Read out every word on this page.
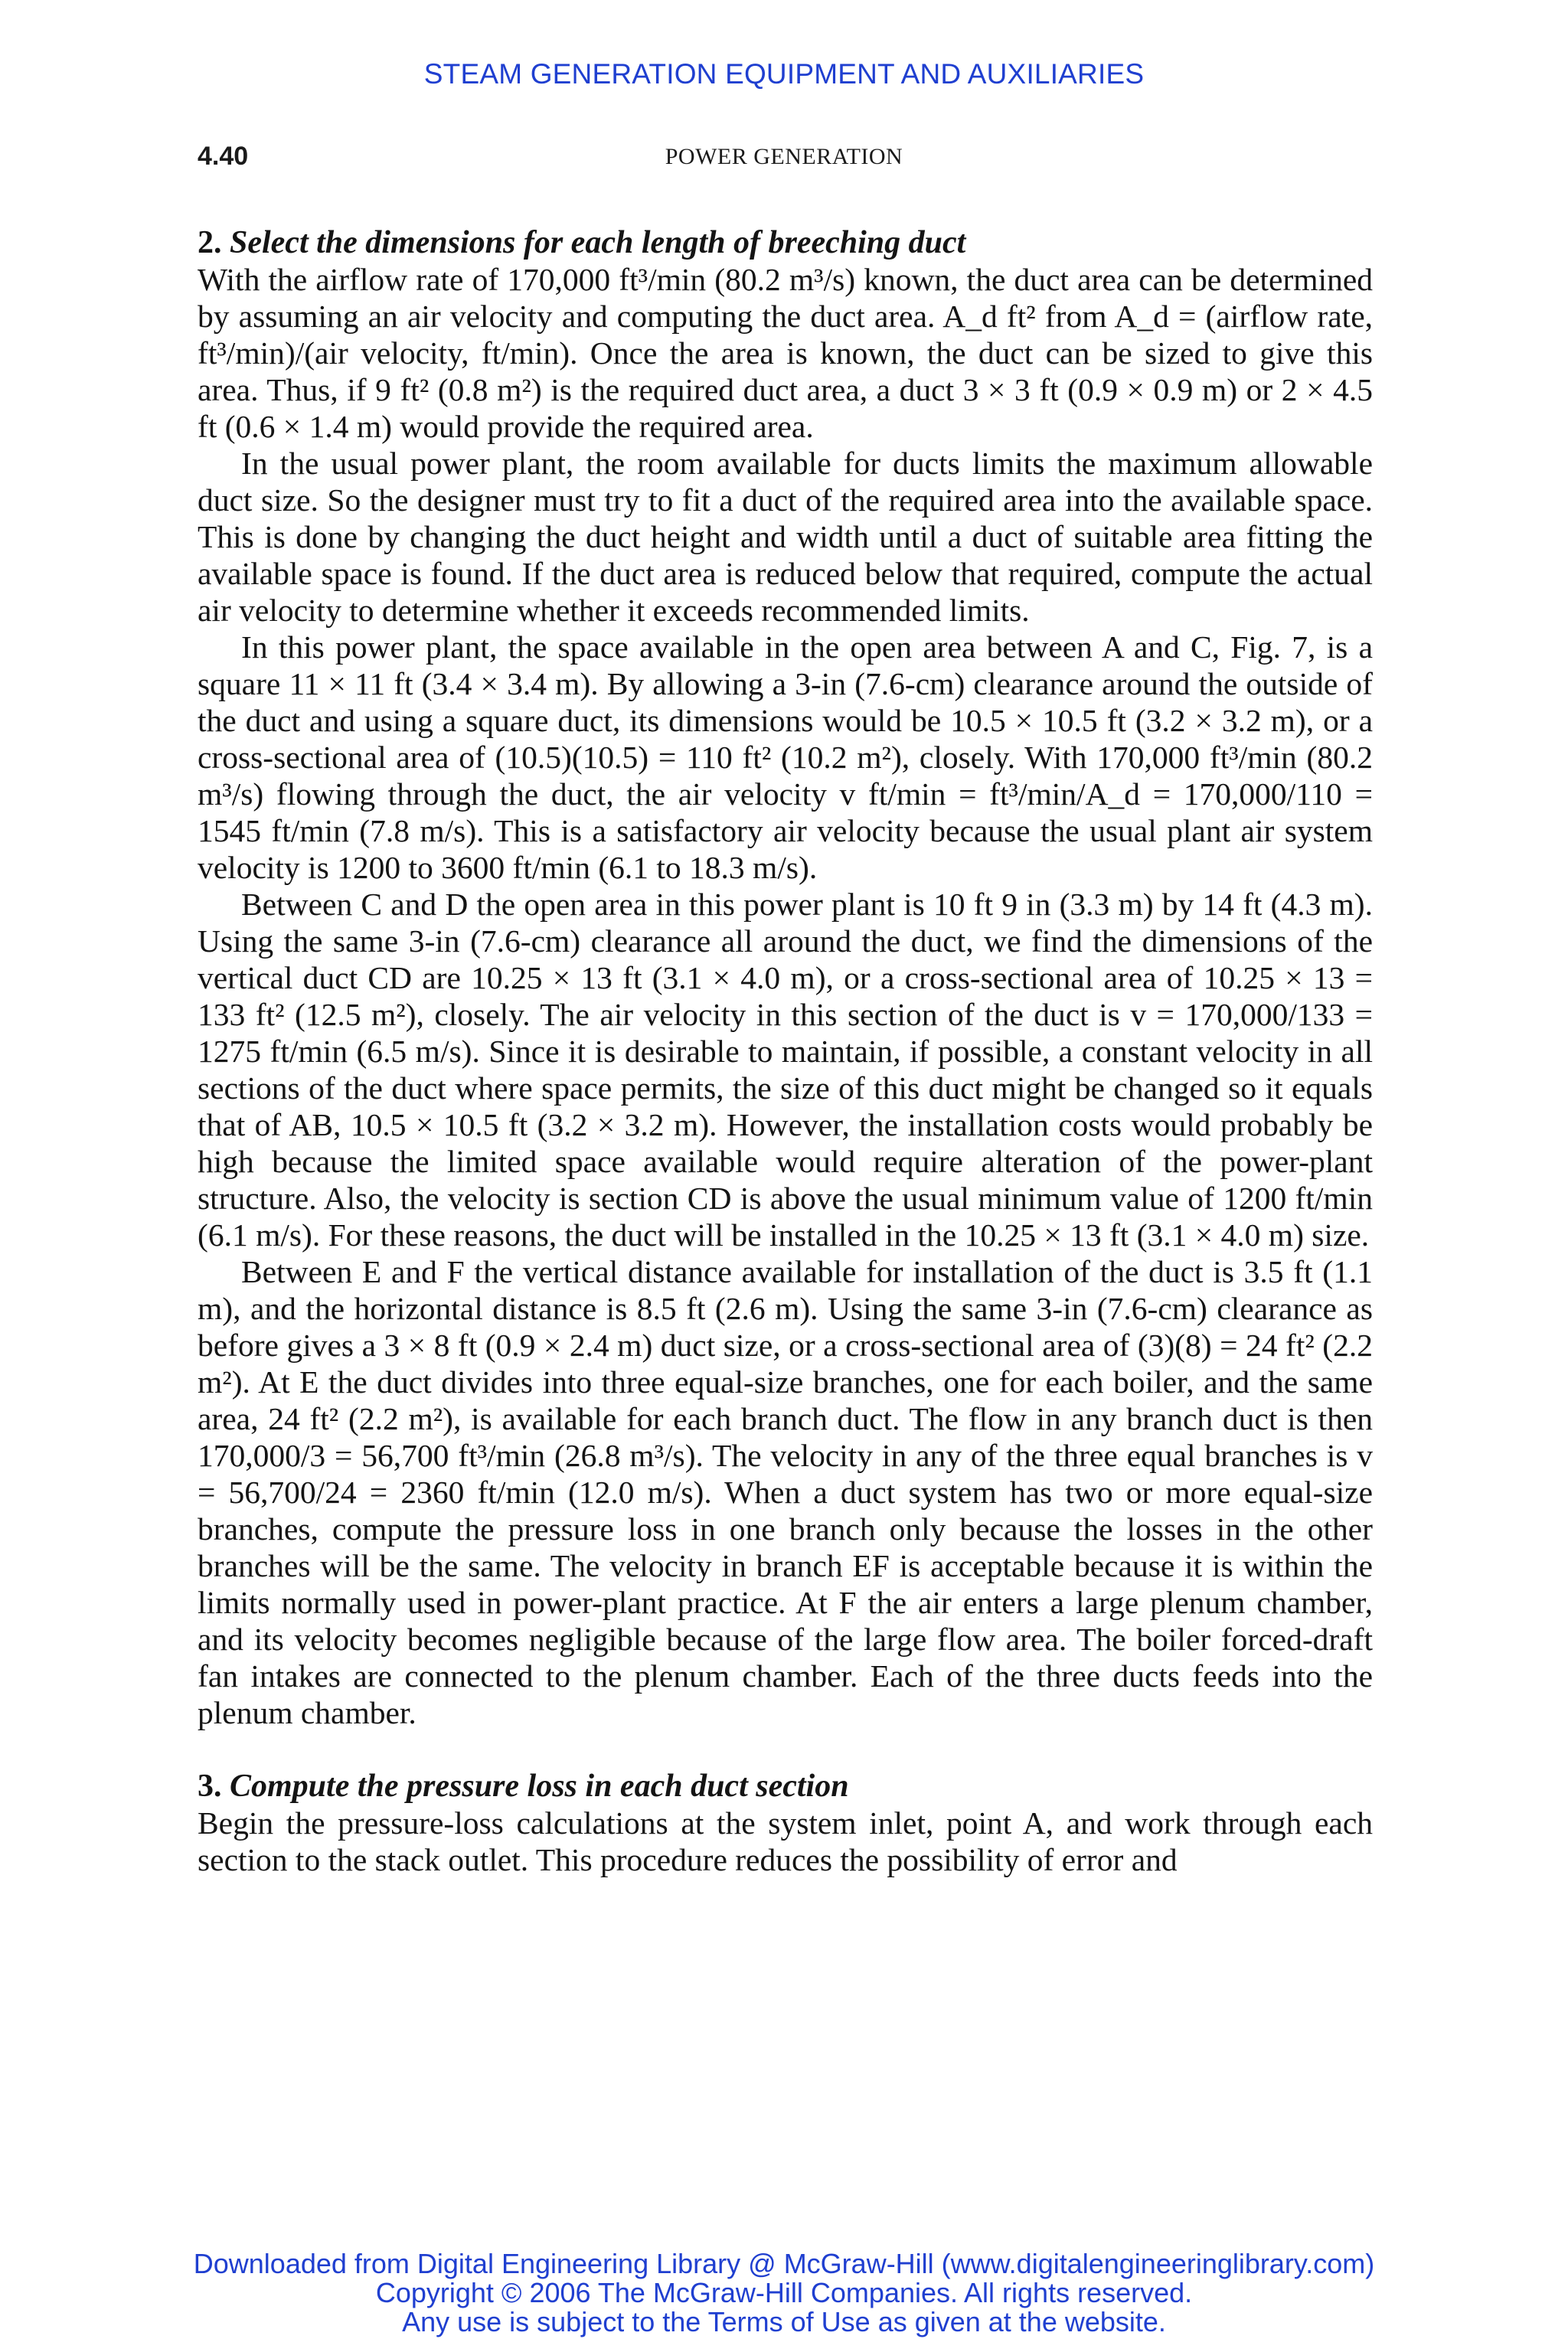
STEAM GENERATION EQUIPMENT AND AUXILIARIES
4.40	POWER GENERATION
2. Select the dimensions for each length of breeching duct

With the airflow rate of 170,000 ft³/min (80.2 m³/s) known, the duct area can be determined by assuming an air velocity and computing the duct area. A_d ft² from A_d = (airflow rate, ft³/min)/(air velocity, ft/min). Once the area is known, the duct can be sized to give this area. Thus, if 9 ft² (0.8 m²) is the required duct area, a duct 3 × 3 ft (0.9 × 0.9 m) or 2 × 4.5 ft (0.6 × 1.4 m) would provide the required area.

In the usual power plant, the room available for ducts limits the maximum allowable duct size. So the designer must try to fit a duct of the required area into the available space. This is done by changing the duct height and width until a duct of suitable area fitting the available space is found. If the duct area is reduced below that required, compute the actual air velocity to determine whether it exceeds recommended limits.

In this power plant, the space available in the open area between A and C, Fig. 7, is a square 11 × 11 ft (3.4 × 3.4 m). By allowing a 3-in (7.6-cm) clearance around the outside of the duct and using a square duct, its dimensions would be 10.5 × 10.5 ft (3.2 × 3.2 m), or a cross-sectional area of (10.5)(10.5) = 110 ft² (10.2 m²), closely. With 170,000 ft³/min (80.2 m³/s) flowing through the duct, the air velocity v ft/min = ft³/min/A_d = 170,000/110 = 1545 ft/min (7.8 m/s). This is a satisfactory air velocity because the usual plant air system velocity is 1200 to 3600 ft/min (6.1 to 18.3 m/s).

Between C and D the open area in this power plant is 10 ft 9 in (3.3 m) by 14 ft (4.3 m). Using the same 3-in (7.6-cm) clearance all around the duct, we find the dimensions of the vertical duct CD are 10.25 × 13 ft (3.1 × 4.0 m), or a cross-sectional area of 10.25 × 13 = 133 ft² (12.5 m²), closely. The air velocity in this section of the duct is v = 170,000/133 = 1275 ft/min (6.5 m/s). Since it is desirable to maintain, if possible, a constant velocity in all sections of the duct where space permits, the size of this duct might be changed so it equals that of AB, 10.5 × 10.5 ft (3.2 × 3.2 m). However, the installation costs would probably be high because the limited space available would require alteration of the power-plant structure. Also, the velocity is section CD is above the usual minimum value of 1200 ft/min (6.1 m/s). For these reasons, the duct will be installed in the 10.25 × 13 ft (3.1 × 4.0 m) size.

Between E and F the vertical distance available for installation of the duct is 3.5 ft (1.1 m), and the horizontal distance is 8.5 ft (2.6 m). Using the same 3-in (7.6-cm) clearance as before gives a 3 × 8 ft (0.9 × 2.4 m) duct size, or a cross-sectional area of (3)(8) = 24 ft² (2.2 m²). At E the duct divides into three equal-size branches, one for each boiler, and the same area, 24 ft² (2.2 m²), is available for each branch duct. The flow in any branch duct is then 170,000/3 = 56,700 ft³/min (26.8 m³/s). The velocity in any of the three equal branches is v = 56,700/24 = 2360 ft/min (12.0 m/s). When a duct system has two or more equal-size branches, compute the pressure loss in one branch only because the losses in the other branches will be the same. The velocity in branch EF is acceptable because it is within the limits normally used in power-plant practice. At F the air enters a large plenum chamber, and its velocity becomes negligible because of the large flow area. The boiler forced-draft fan intakes are connected to the plenum chamber. Each of the three ducts feeds into the plenum chamber.

3. Compute the pressure loss in each duct section

Begin the pressure-loss calculations at the system inlet, point A, and work through each section to the stack outlet. This procedure reduces the possibility of error and

Downloaded from Digital Engineering Library @ McGraw-Hill (www.digitalengineeringlibrary.com)
Copyright © 2006 The McGraw-Hill Companies. All rights reserved.
Any use is subject to the Terms of Use as given at the website.
